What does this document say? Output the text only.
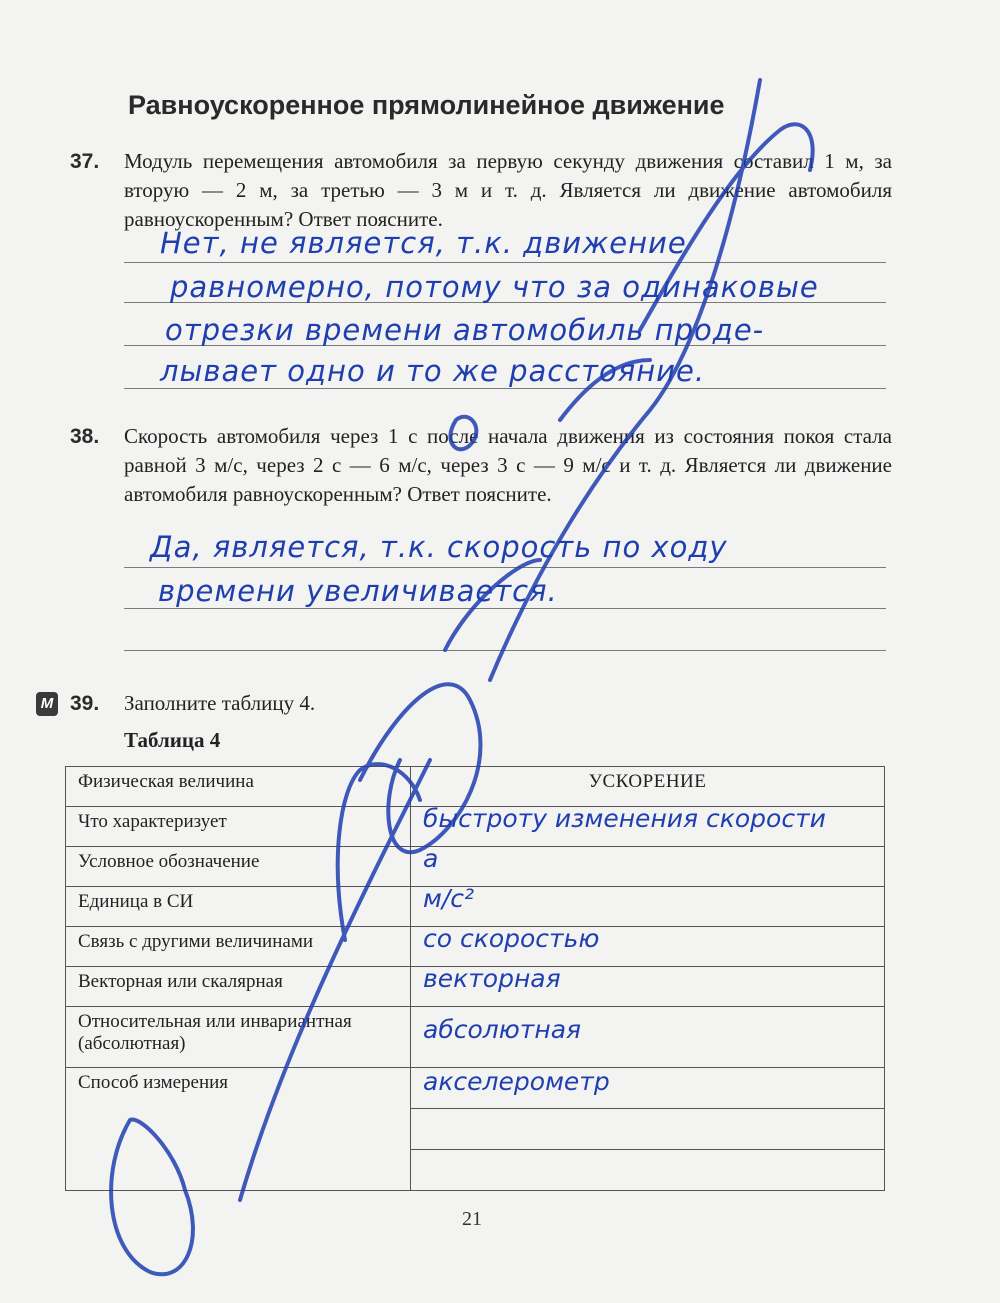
Равноускоренное прямолинейное движение
37. Модуль перемещения автомобиля за первую секунду движения составил 1 м, за вторую — 2 м, за третью — 3 м и т. д. Является ли движение автомобиля равноускоренным? Ответ поясните.
Нет, не является, т.к. движение
равномерно, потому что за одинаковые
отрезки времени автомобиль проде-
лывает одно и то же расстояние.
38. Скорость автомобиля через 1 с после начала движения из состояния покоя стала равной 3 м/с, через 2 с — 6 м/с, через 3 с — 9 м/с и т. д. Является ли движение автомобиля равноускоренным? Ответ поясните.
Да, является, т.к. скорость по ходу
времени увеличивается.
М 39. Заполните таблицу 4.
Таблица 4
Физическая величина	УСКОРЕНИЕ
Что характеризует	быстроту изменения скорости

Условное обозначение	a

Единица в СИ	м/с²

Связь с другими величинами	со скоростью

Векторная или скалярная	векторная

Относительная или инвариантная (абсолютная)	абсолютная

Способ измерения	акселерометр
21
